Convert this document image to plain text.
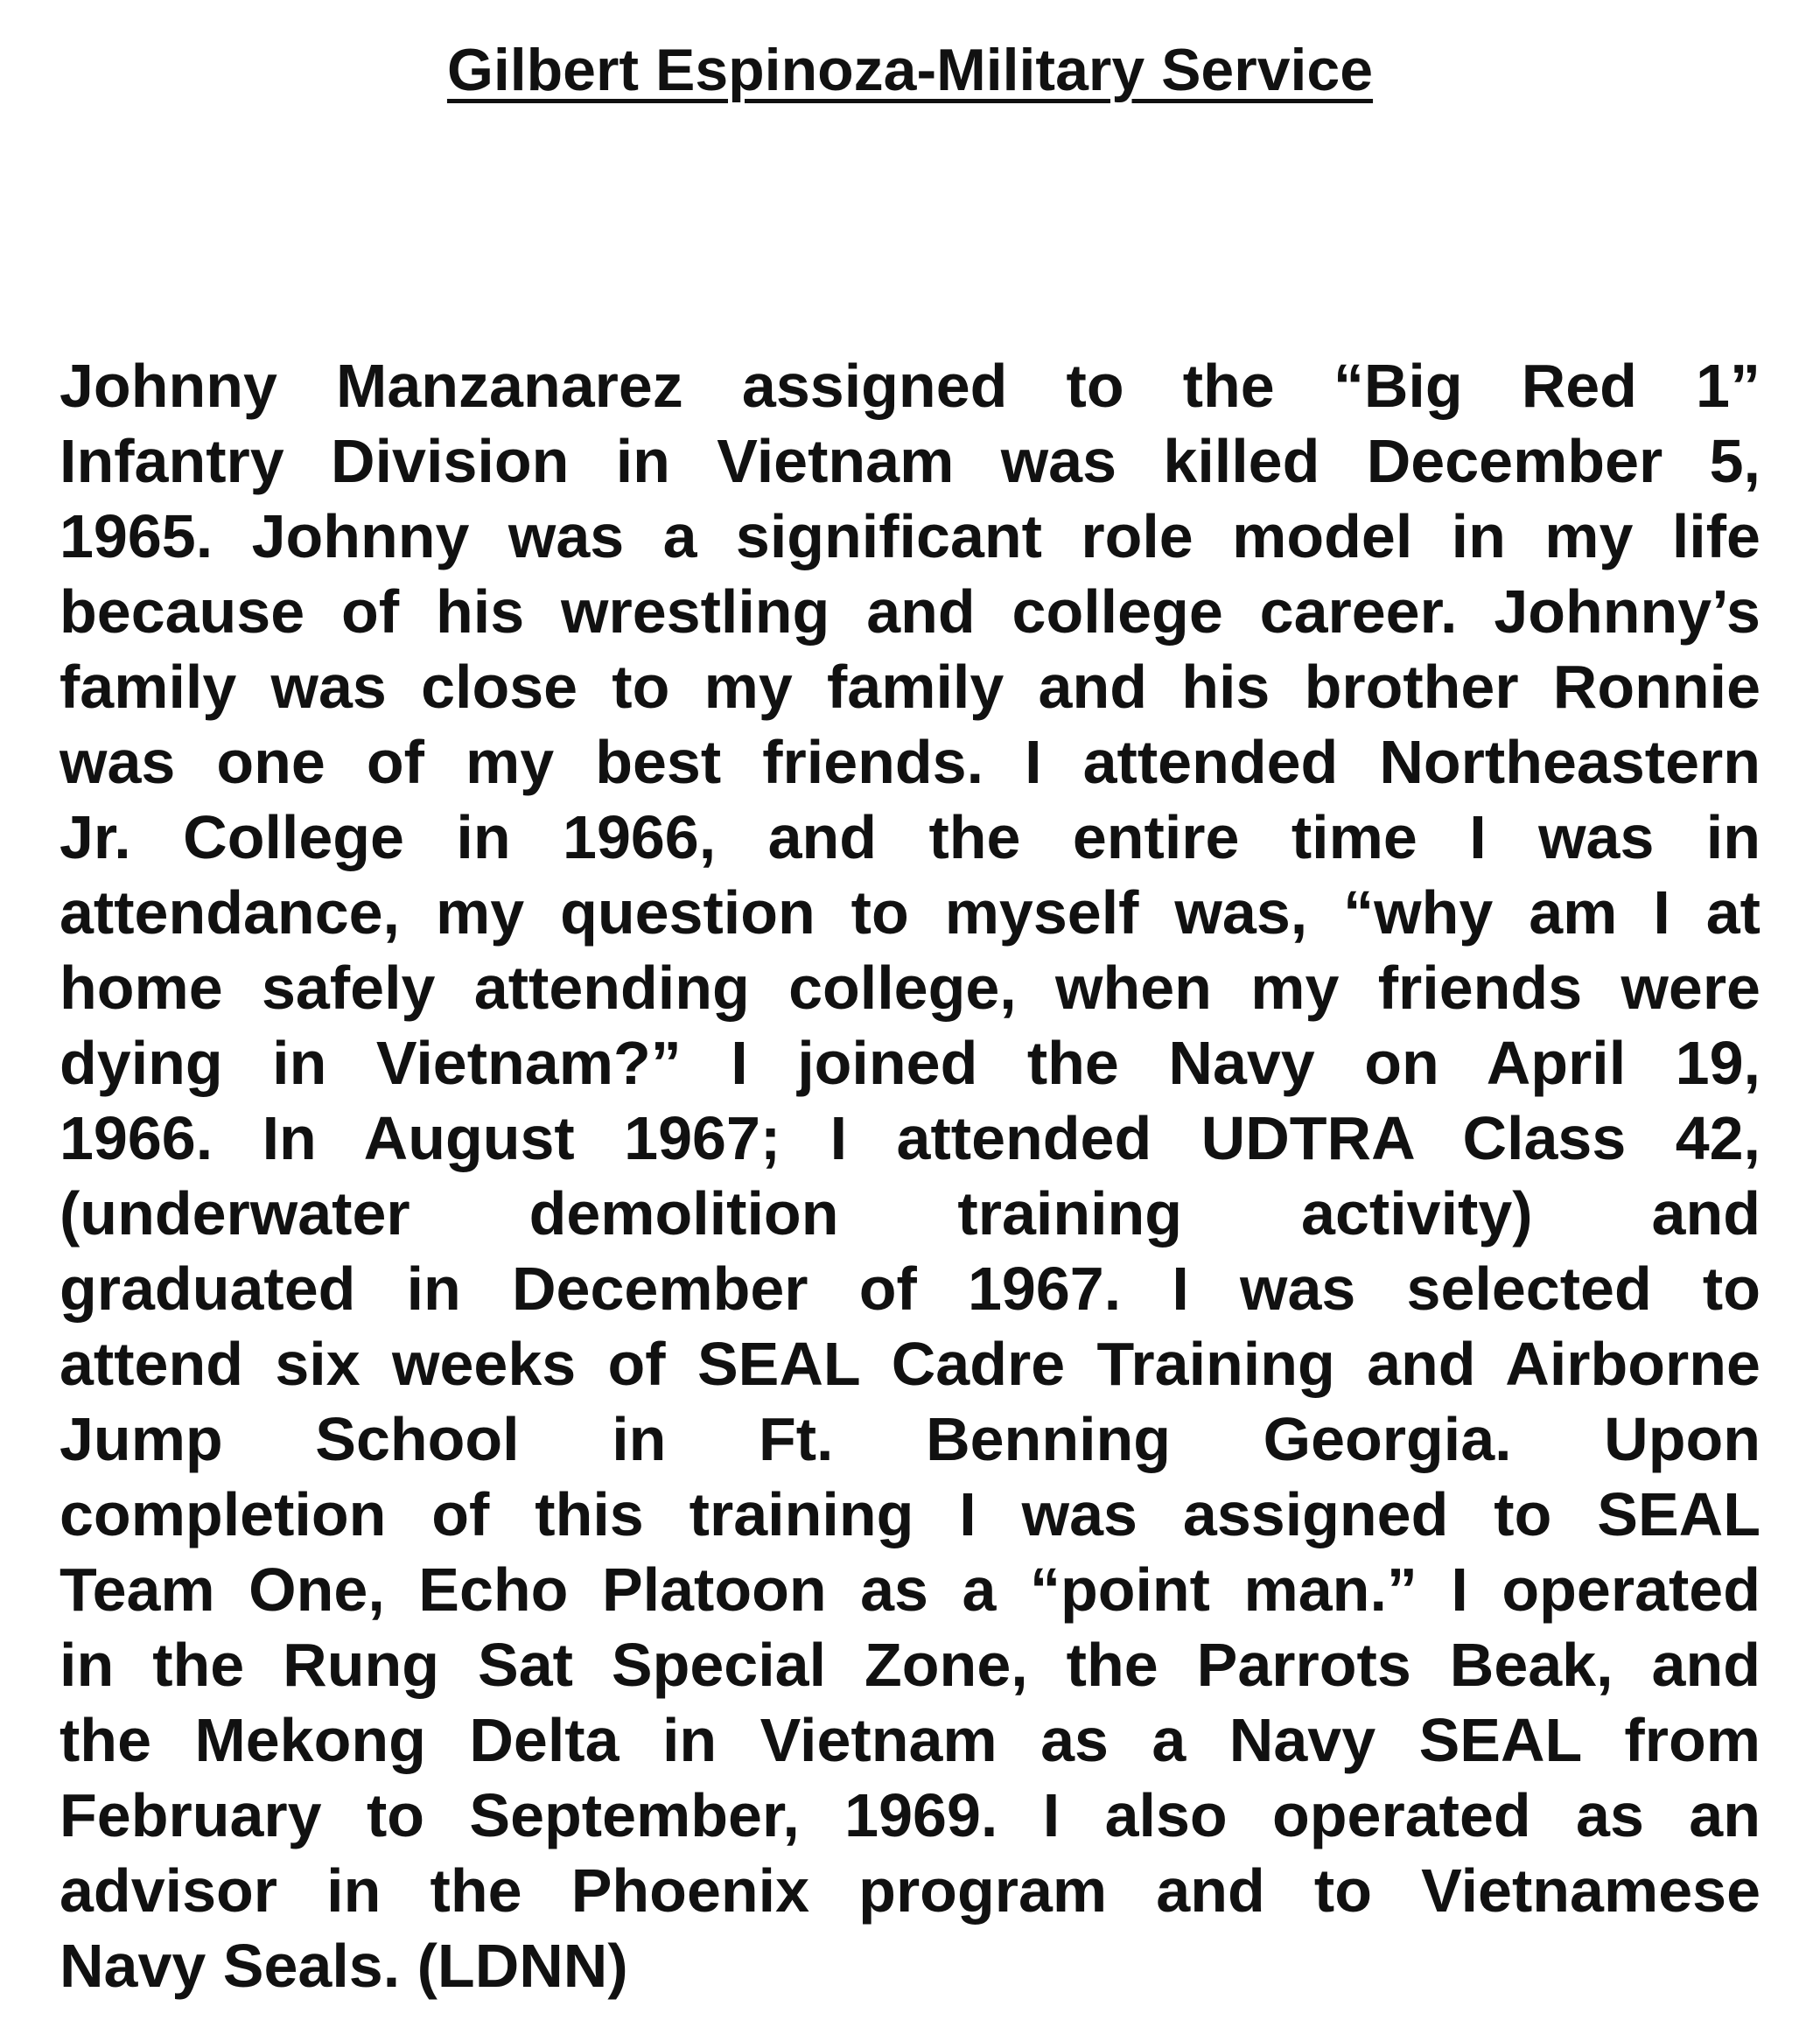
Gilbert Espinoza-Military Service
Johnny Manzanarez assigned to the “Big Red 1”
Infantry Division in Vietnam was killed December 5,
1965. Johnny was a significant role model in my life
because of his wrestling and college career. Johnny’s
family was close to my family and his brother Ronnie
was one of my best friends. I attended Northeastern
Jr. College in 1966, and the entire time I was in
attendance, my question to myself was, “why am I at
home safely attending college, when my friends were
dying in Vietnam?” I joined the Navy on April 19,
1966. In August 1967; I attended UDTRA Class 42,
(underwater demolition training activity) and
graduated in December of 1967. I was selected to
attend six weeks of SEAL Cadre Training and Airborne
Jump School in Ft. Benning Georgia. Upon
completion of this training I was assigned to SEAL
Team One, Echo Platoon as a “point man.” I operated
in the Rung Sat Special Zone, the Parrots Beak, and
the Mekong Delta in Vietnam as a Navy SEAL from
February to September, 1969. I also operated as an
advisor in the Phoenix program and to Vietnamese
Navy Seals. (LDNN)
